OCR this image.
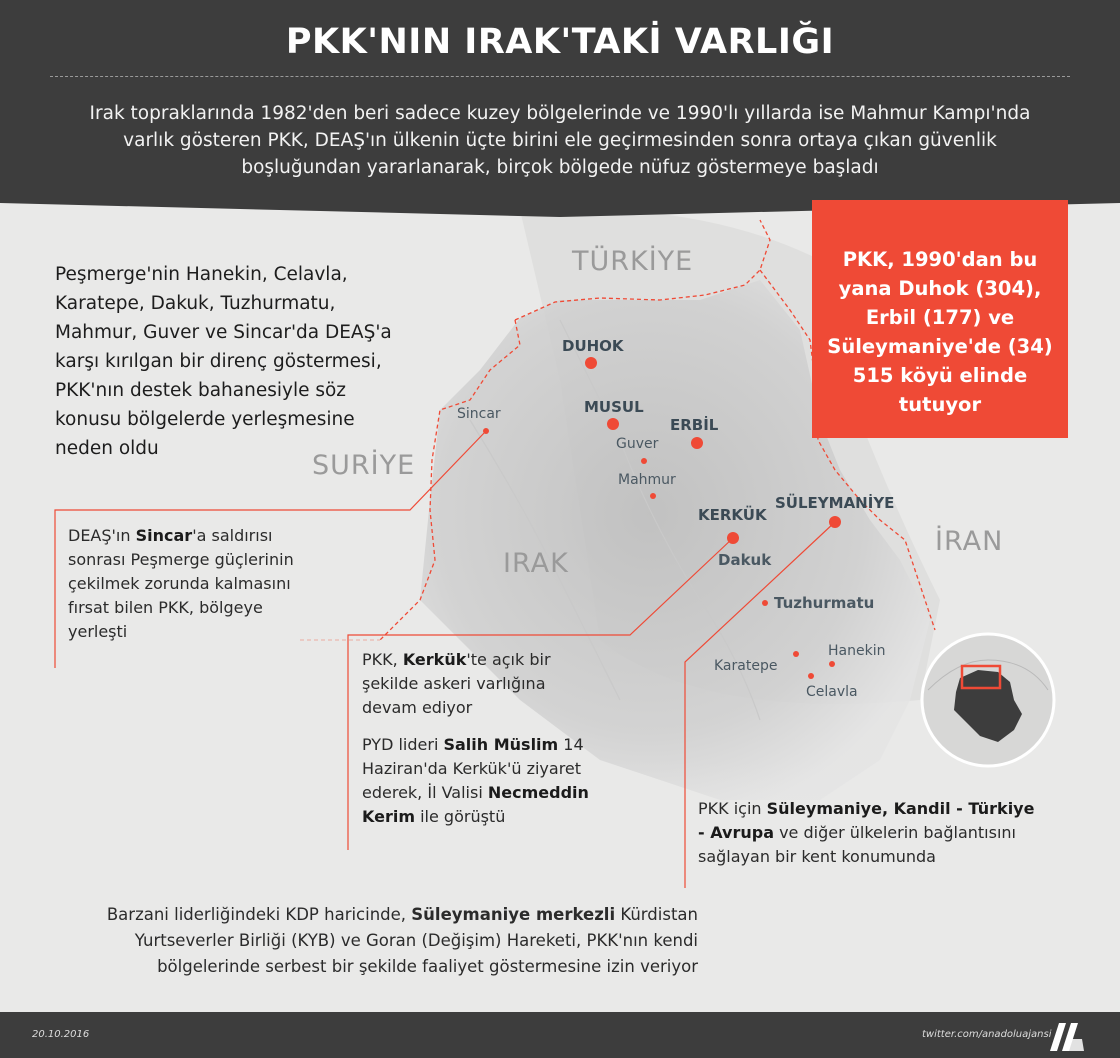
PKK'NIN IRAK'TAKİ VARLIĞI
Irak topraklarında 1982'den beri sadece kuzey bölgelerinde ve 1990'lı yıllarda ise Mahmur Kampı'nda
varlık gösteren PKK, DEAŞ'ın ülkenin üçte birini ele geçirmesinden sonra ortaya çıkan güvenlik
boşluğundan yararlanarak, birçok bölgede nüfuz göstermeye başladı
TÜRKİYE
SURİYE
IRAK
İRAN
DUHOK
MUSUL
ERBİL
KERKÜK
SÜLEYMANİYE
Sincar
Guver
Mahmur
Dakuk
Tuzhurmatu
Karatepe
Hanekin
Celavla
PKK, 1990'dan bu
yana Duhok (304),
Erbil (177) ve
Süleymaniye'de (34)
515 köyü elinde
tutuyor
Peşmerge'nin Hanekin, Celavla,
Karatepe, Dakuk, Tuzhurmatu,
Mahmur, Guver ve Sincar'da DEAŞ'a
karşı kırılgan bir direnç göstermesi,
PKK'nın destek bahanesiyle söz
konusu bölgelerde yerleşmesine
neden oldu
DEAŞ'ın Sincar'a saldırısı sonrası Peşmerge güçlerinin çekilmek zorunda kalmasını fırsat bilen PKK, bölgeye yerleşti
PKK, Kerkük'te açık bir şekilde askeri varlığına devam ediyor
PYD lideri Salih Müslim 14 Haziran'da Kerkük'ü ziyaret ederek, İl Valisi Necmeddin Kerim ile görüştü	PKK için Süleymaniye, Kandil - Türkiye - Avrupa ve diğer ülkelerin bağlantısını sağlayan bir kent konumunda
Barzani liderliğindeki KDP haricinde, Süleymaniye merkezli Kürdistan Yurtseverler Birliği (KYB) ve Goran (Değişim) Hareketi, PKK'nın kendi bölgelerinde serbest bir şekilde faaliyet göstermesine izin veriyor
20.10.2016	twitter.com/anadoluajansi
